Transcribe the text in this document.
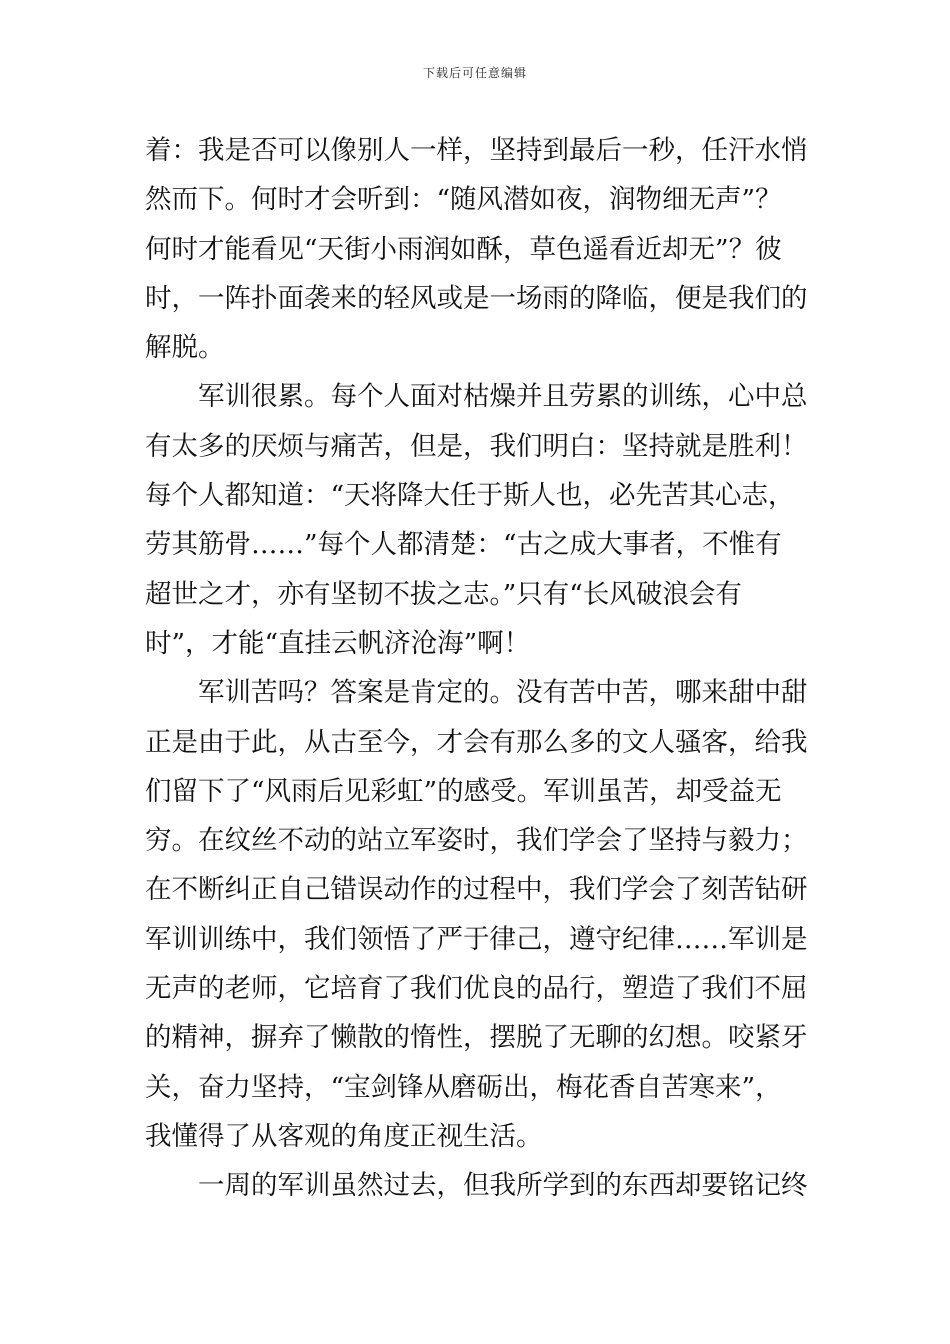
下载后可任意编辑
着：我是否可以像别人一样，坚持到最后一秒，任汗水悄
然而下。何时才会听到：“随风潜如夜，润物细无声”？
何时才能看见“天街小雨润如酥，草色遥看近却无”？彼
时，一阵扑面袭来的轻风或是一场雨的降临，便是我们的
解脱。
军训很累。每个人面对枯燥并且劳累的训练，心中总
有太多的厌烦与痛苦，但是，我们明白：坚持就是胜利！
每个人都知道：“天将降大任于斯人也，必先苦其心志，
劳其筋骨……”每个人都清楚：“古之成大事者，不惟有
超世之才，亦有坚韧不拔之志。”只有“长风破浪会有
时”，才能“直挂云帆济沧海”啊！
军训苦吗？答案是肯定的。没有苦中苦，哪来甜中甜
正是由于此，从古至今，才会有那么多的文人骚客，给我
们留下了“风雨后见彩虹”的感受。军训虽苦，却受益无
穷。在纹丝不动的站立军姿时，我们学会了坚持与毅力；
在不断纠正自己错误动作的过程中，我们学会了刻苦钻研
军训训练中，我们领悟了严于律己，遵守纪律……军训是
无声的老师，它培育了我们优良的品行，塑造了我们不屈
的精神，摒弃了懒散的惰性，摆脱了无聊的幻想。咬紧牙
关，奋力坚持，“宝剑锋从磨砺出，梅花香自苦寒来”，
我懂得了从客观的角度正视生活。
一周的军训虽然过去，但我所学到的东西却要铭记终
